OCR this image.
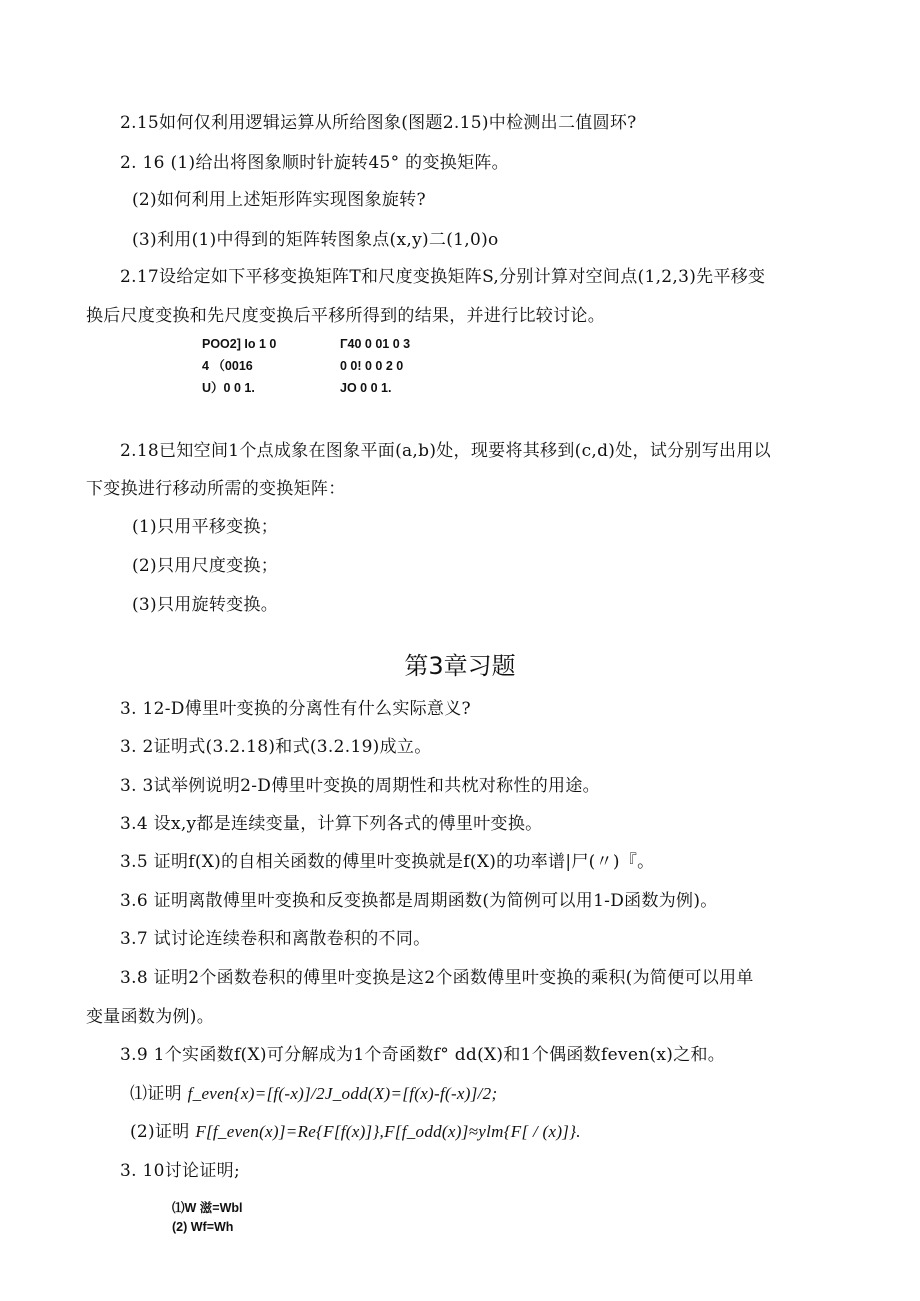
2.15如何仅利用逻辑运算从所给图象(图题2.15)中检测出二值圆环?
2. 16 (1)给出将图象顺时针旋转45° 的变换矩阵。
(2)如何利用上述矩形阵实现图象旋转?
(3)利用(1)中得到的矩阵转图象点(x,y)二(1,0)o
2.17设给定如下平移变换矩阵T和尺度变换矩阵S,分别计算对空间点(1,2,3)先平移变
换后尺度变换和先尺度变换后平移所得到的结果，并进行比较讨论。
POO2] Io 1 0
4 （0016
U）0 0 1.
Γ40 0 01 0 3
0 0! 0 0 2 0
JO 0 0 1.
2.18已知空间1个点成象在图象平面(a,b)处，现要将其移到(c,d)处，试分别写出用以
下变换进行移动所需的变换矩阵：
(1)只用平移变换；
(2)只用尺度变换；
(3)只用旋转变换。
第3章习题
3. 12-D傅里叶变换的分离性有什么实际意义?
3. 2证明式(3.2.18)和式(3.2.19)成立。
3. 3试举例说明2-D傅里叶变换的周期性和共枕对称性的用途。
3.4 设x,y都是连续变量，计算下列各式的傅里叶变换。
3.5 证明f(X)的自相关函数的傅里叶变换就是f(X)的功率谱|尸(〃)『。
3.6 证明离散傅里叶变换和反变换都是周期函数(为简例可以用1-D函数为例)。
3.7 试讨论连续卷积和离散卷积的不同。
3.8 证明2个函数卷积的傅里叶变换是这2个函数傅里叶变换的乘积(为简便可以用单
变量函数为例)。
3.9 1个实函数f(X)可分解成为1个奇函数f° dd(X)和1个偶函数feven(x)之和。
⑴证明 f_even{x)=[f(-x)]/2J_odd(X)=[f(x)-f(-x)]/2;
(2)证明 F[f_even(x)]=Re{F[f(x)]},F[f_odd(x)]≈ylm{F[ / (x)]}.
3. 10讨论证明;
⑴W 滋=Wbl
(2) Wf=Wh
